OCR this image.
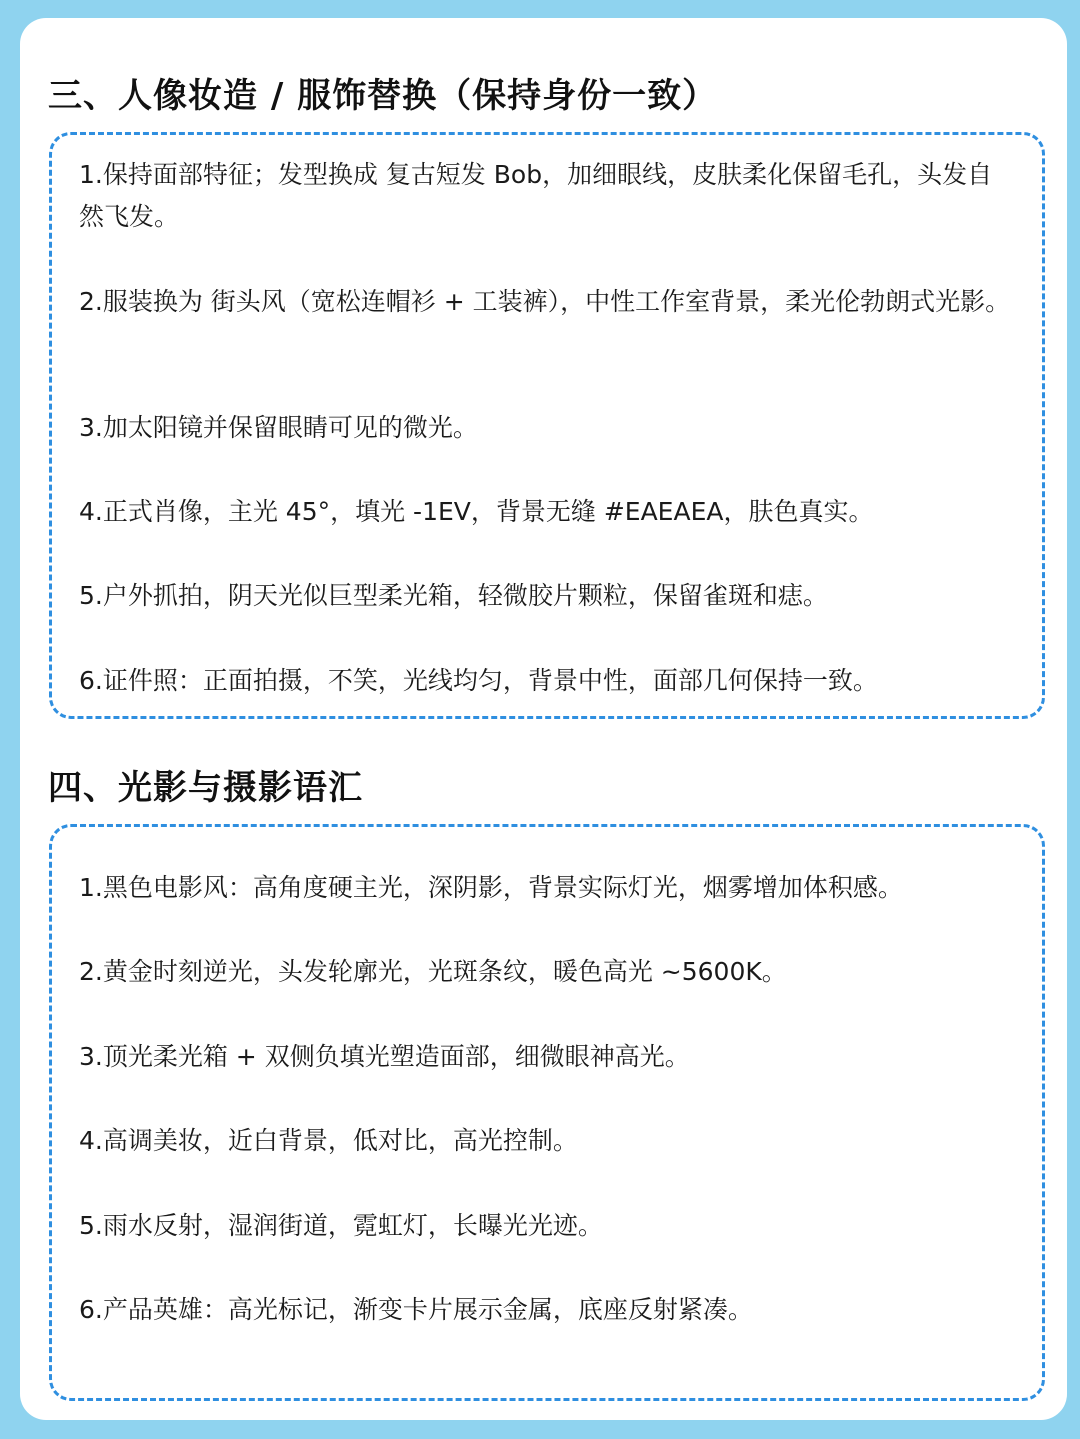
三、人像妆造 / 服饰替换（保持身份一致）

1.保持面部特征；发型换成 复古短发 Bob，加细眼线，皮肤柔化保留毛孔，头发自然飞发。

2.服装换为 街头风（宽松连帽衫 + 工装裤），中性工作室背景，柔光伦勃朗式光影。

3.加太阳镜并保留眼睛可见的微光。

4.正式肖像，主光 45°，填光 -1EV，背景无缝 #EAEAEA，肤色真实。

5.户外抓拍，阴天光似巨型柔光箱，轻微胶片颗粒，保留雀斑和痣。

6.证件照：正面拍摄，不笑，光线均匀，背景中性，面部几何保持一致。

四、光影与摄影语汇

1.黑色电影风：高角度硬主光，深阴影，背景实际灯光，烟雾增加体积感。

2.黄金时刻逆光，头发轮廓光，光斑条纹，暖色高光 ~5600K。

3.顶光柔光箱 + 双侧负填光塑造面部，细微眼神高光。

4.高调美妆，近白背景，低对比，高光控制。

5.雨水反射，湿润街道，霓虹灯，长曝光光迹。

6.产品英雄：高光标记，渐变卡片展示金属，底座反射紧凑。
